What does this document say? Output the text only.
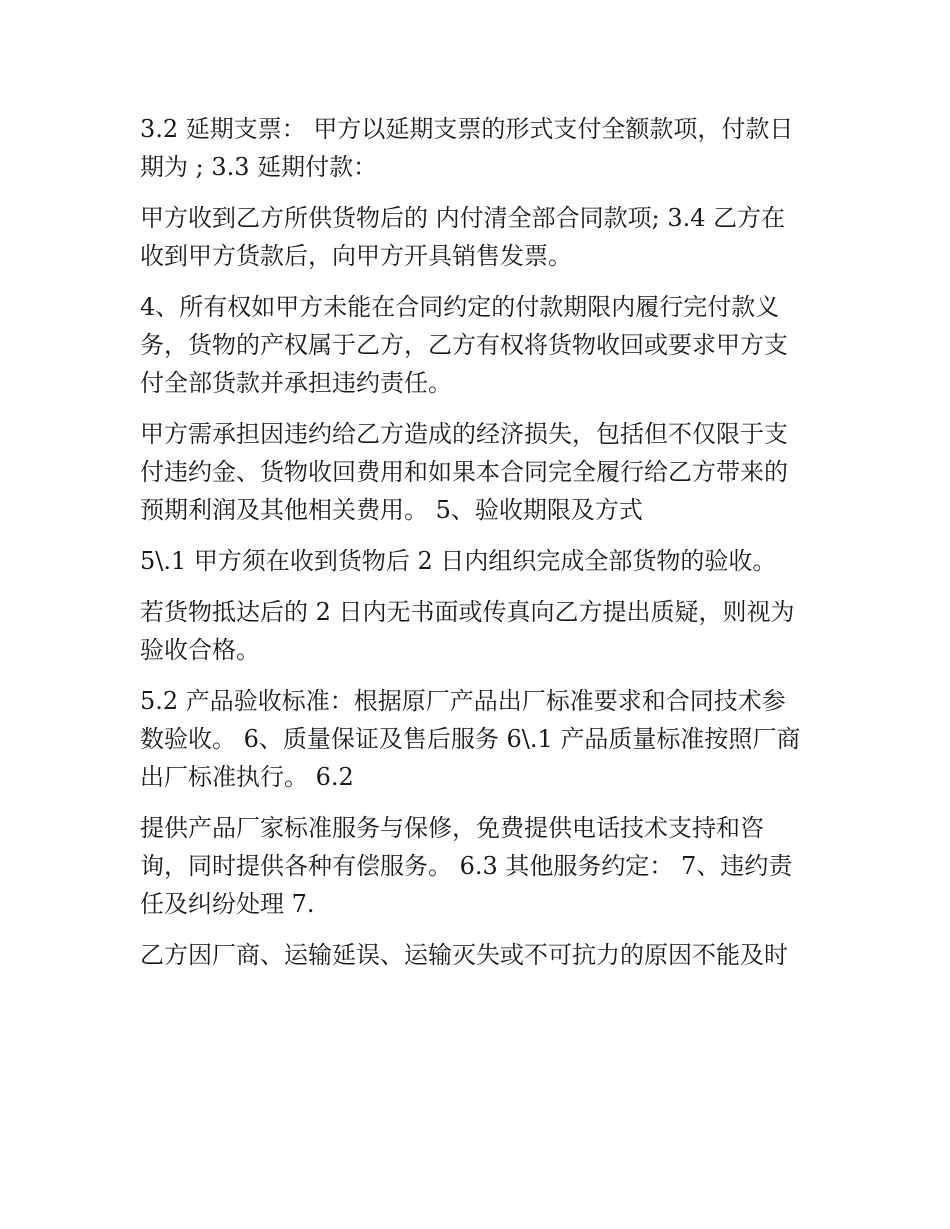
3.2 延期支票： 甲方以延期支票的形式支付全额款项，付款日
期为 ; 3.3 延期付款：
甲方收到乙方所供货物后的 内付清全部合同款项; 3.4 乙方在
收到甲方货款后，向甲方开具销售发票。
4、所有权如甲方未能在合同约定的付款期限内履行完付款义
务，货物的产权属于乙方，乙方有权将货物收回或要求甲方支
付全部货款并承担违约责任。
甲方需承担因违约给乙方造成的经济损失，包括但不仅限于支
付违约金、货物收回费用和如果本合同完全履行给乙方带来的
预期利润及其他相关费用。 5、验收期限及方式
5\.1 甲方须在收到货物后 2 日内组织完成全部货物的验收。
若货物抵达后的 2 日内无书面或传真向乙方提出质疑，则视为
验收合格。
5.2 产品验收标准：根据原厂产品出厂标准要求和合同技术参
数验收。 6、质量保证及售后服务 6\.1 产品质量标准按照厂商
出厂标准执行。 6.2
提供产品厂家标准服务与保修，免费提供电话技术支持和咨
询，同时提供各种有偿服务。 6.3 其他服务约定： 7、违约责
任及纠纷处理 7.
乙方因厂商、运输延误、运输灭失或不可抗力的原因不能及时
